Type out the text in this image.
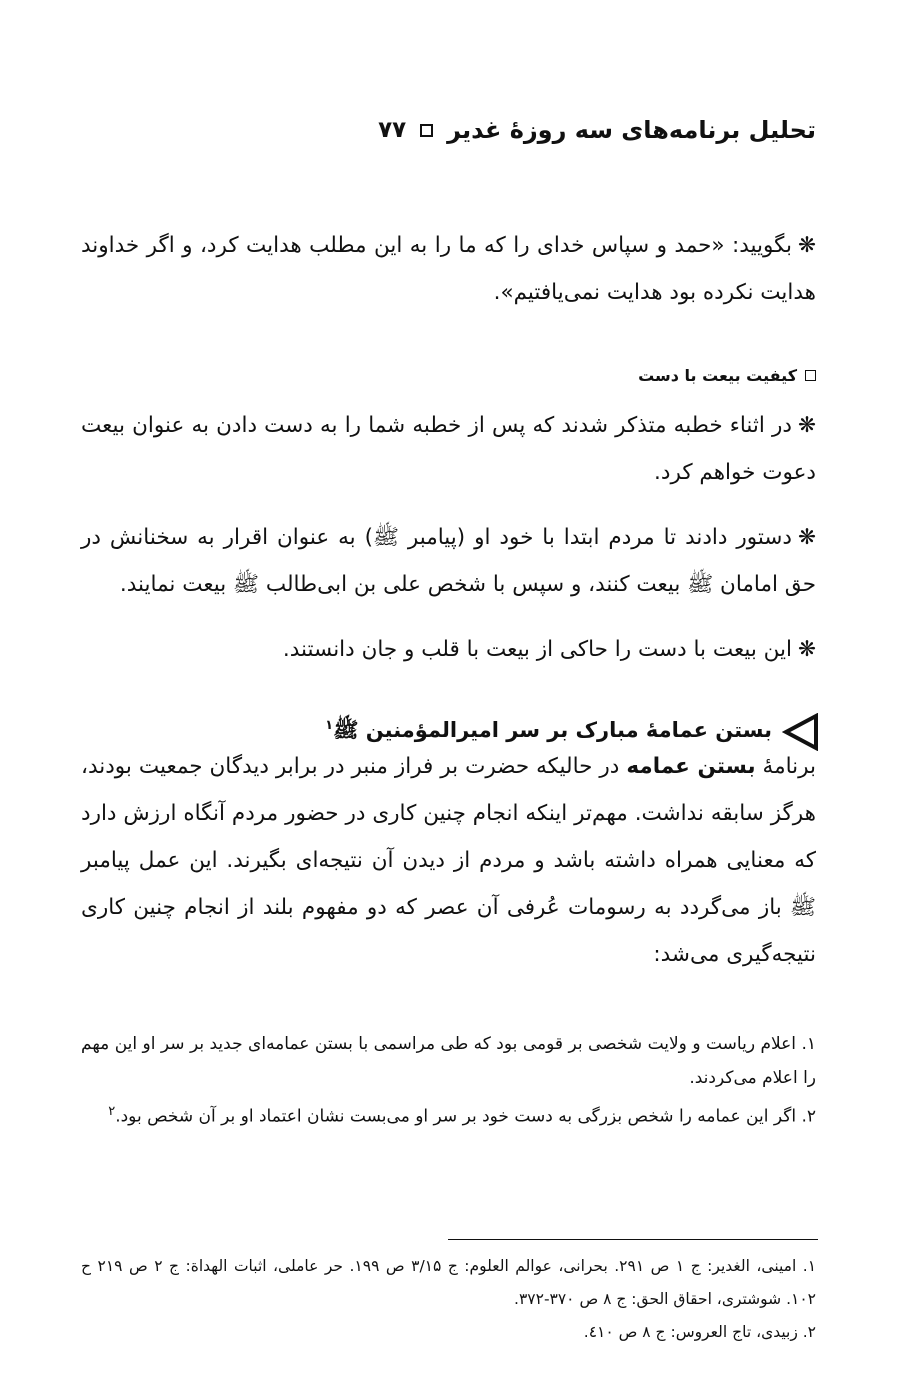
تحلیل برنامه‌های سه روزهٔ غدیر
۷۷
❋بگویید: «حمد و سپاس خدای را که ما را به این مطلب هدایت کرد، و اگر خداوند هدایت نکرده بود هدایت نمی‌یافتیم».
کیفیت بیعت با دست
❋در اثناء خطبه متذکر شدند که پس از خطبه شما را به دست دادن به عنوان بیعت دعوت خواهم کرد.
❋دستور دادند تا مردم ابتدا با خود او (پیامبر ﷺ) به عنوان اقرار به سخنانش در حق امامان ﷺ بیعت کنند، و سپس با شخص علی بن ابی‌طالب ﷺ بیعت نمایند.
❋این بیعت با دست را حاکی از بیعت با قلب و جان دانستند.
بستن عمامهٔ مبارک بر سر امیرالمؤمنین ﷺ$^۱$
برنامهٔ بستن عمامه در حالیکه حضرت بر فراز منبر در برابر دیدگان جمعیت بودند، هرگز سابقه نداشت. مهم‌تر اینکه انجام چنین کاری در حضور مردم آنگاه ارزش دارد که معنایی همراه داشته باشد و مردم از دیدن آن نتیجه‌ای بگیرند. این عمل پیامبر ﷺ باز می‌گردد به رسومات عُرفی آن عصر که دو مفهوم بلند از انجام چنین کاری نتیجه‌گیری می‌شد:
۱. اعلام ریاست و ولایت شخصی بر قومی بود که طی مراسمی با بستن عمامه‌ای جدید بر سر او این مهم را اعلام می‌کردند.
۲. اگر این عمامه را شخص بزرگی به دست خود بر سر او می‌بست نشان اعتماد او بر آن شخص بود.$^۲$
۱. امینی، الغدیر: ج ۱ ص ۲۹۱. بحرانی، عوالم العلوم: ج ۳/۱۵ ص ۱۹۹. حر عاملی، اثبات الهداة: ج ۲ ص ۲۱۹ ح ۱۰۲. شوشتری، احقاق الحق: ج ۸ ص ۳۷۰-۳۷۲.
۲. زبیدی، تاج العروس: ج ۸ ص ٤١٠.
